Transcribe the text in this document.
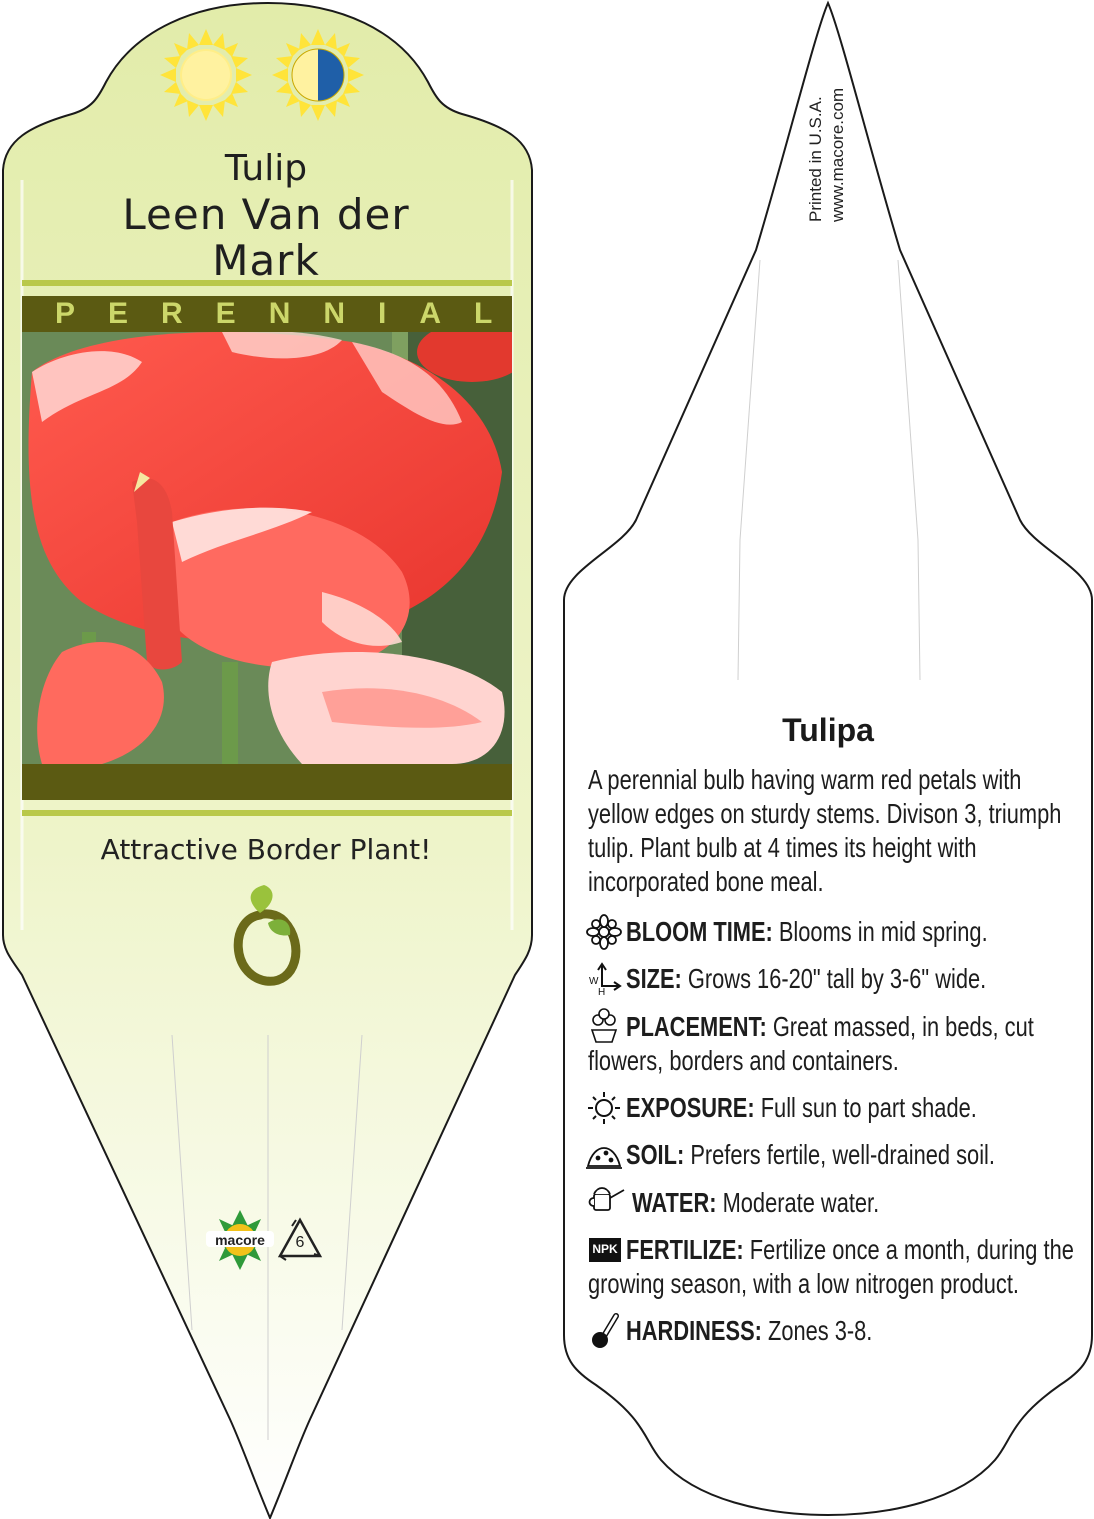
Tulip
Leen Van der
Mark
PERENNIAL
Attractive Border Plant!
macore	6
Printed in U.S.A. www.macore.com
Tulipa
A perennial bulb having warm red petals with
yellow edges on sturdy stems. Divison 3, triumph
tulip. Plant bulb at 4 times its height with
incorporated bone meal.
BLOOM TIME: Blooms in mid spring.
W
H SIZE: Grows 16-20" tall by 3-6" wide.
PLACEMENT: Great massed, in beds, cut
flowers, borders and containers.
EXPOSURE: Full sun to part shade.
SOIL: Prefers fertile, well-drained soil.
WATER: Moderate water.
NPK FERTILIZE: Fertilize once a month, during the
growing season, with a low nitrogen product.
HARDINESS: Zones 3-8.
